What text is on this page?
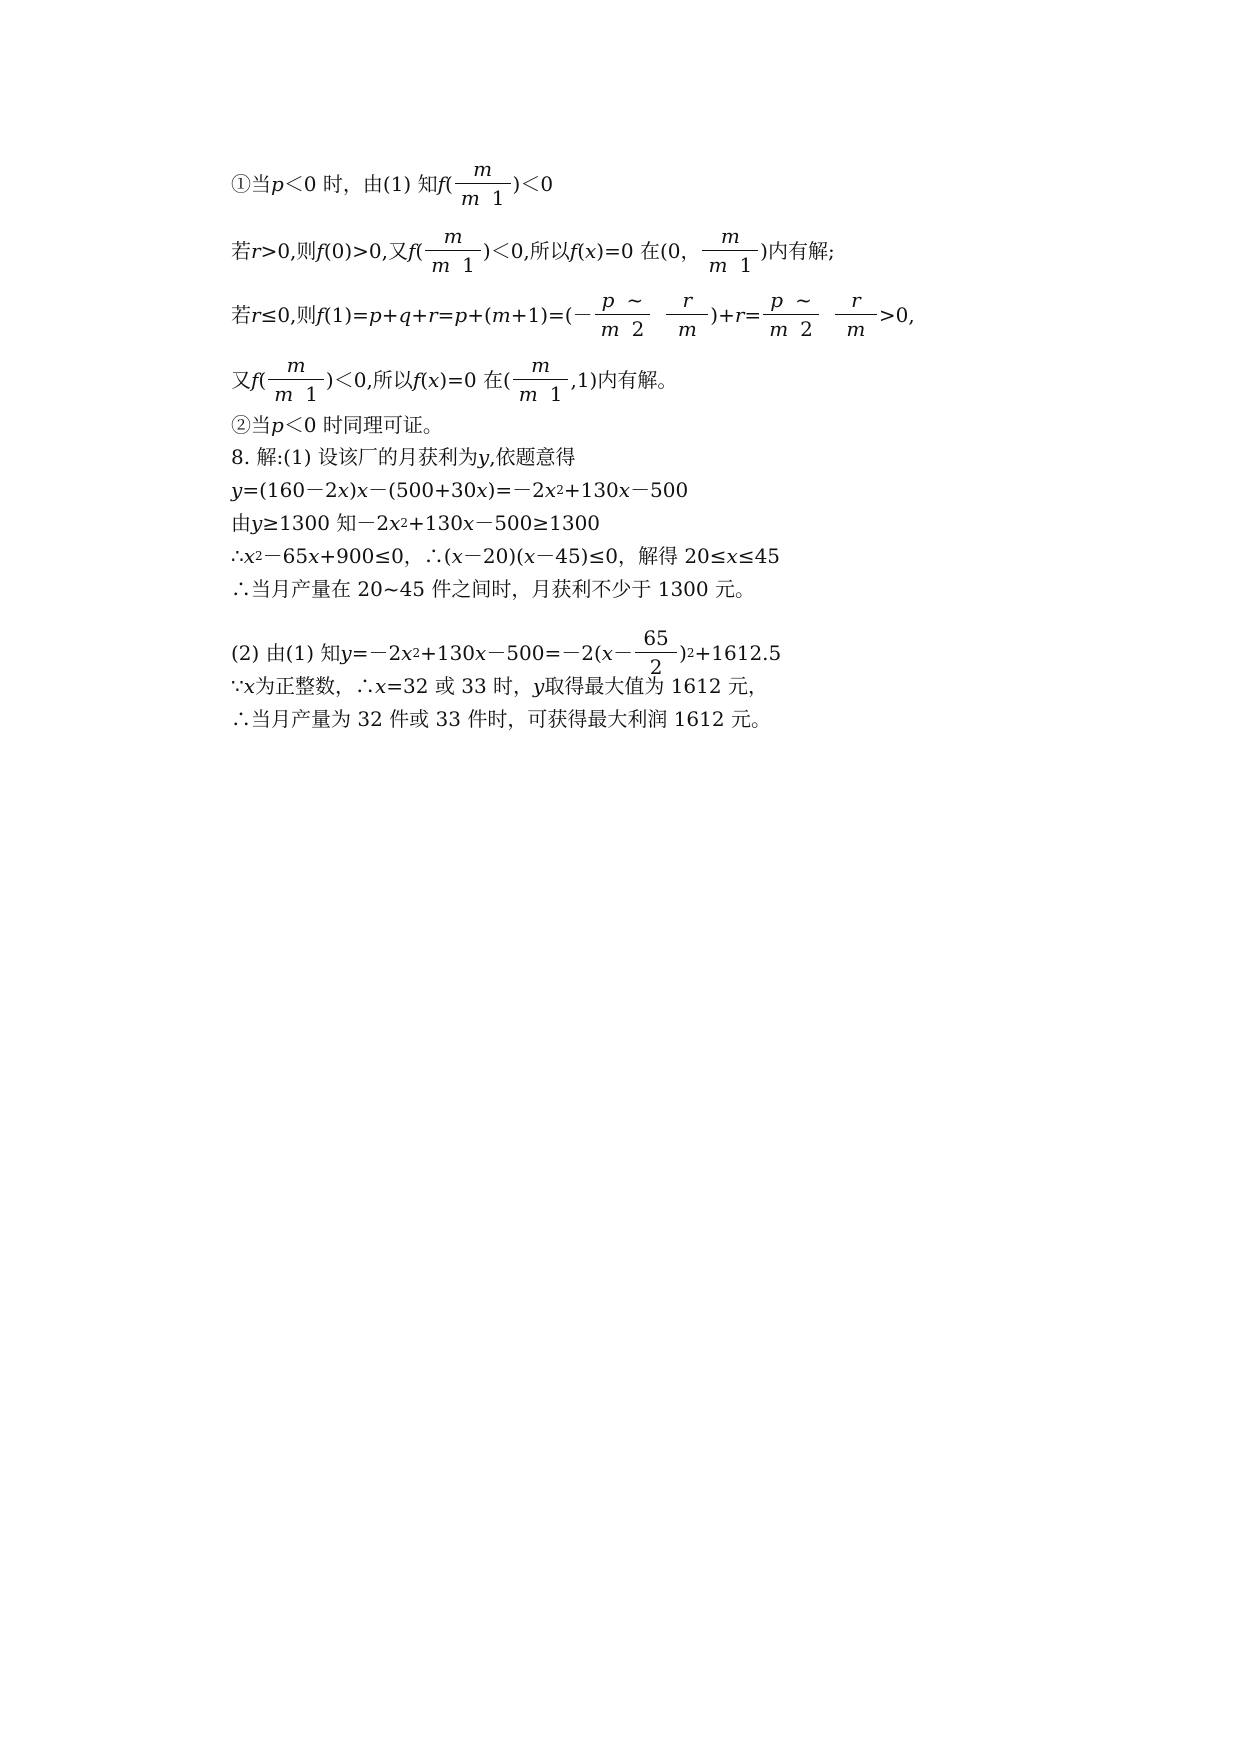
①当 p ＜0 时，由(1) 知 f ( $\frac{m}{m 1} )<0$
若 r >0,则 f (0)>0,又 f ( $\frac{m}{m 1} )<0$,所以 f ( x )=0 在(0， $\frac{m}{m 1}$ )内有解;
若 r ≤0,则 f (1)= p + q + r = p +( $m +1)=(- \frac{p \sim}{m 2} \frac{r}{m}$ )+ $r = \frac{p \sim}{m 2} \frac{r}{m} >0$,
又 f ( $\frac{m}{m 1} )<0$,所以 f ( x )=0 在( $\frac{m}{m 1} ,1$)内有解。
②当 p ＜0 时同理可证。
8. 解:(1) 设该厂的月获利为 y ,依题意得
y =(160－2 x ) x －(500+30 x )=－2 x 2 +130 x －500
由 y ≥1300 知－2 x 2 +130 x －500≥1300
∴ x 2 －65 x +900≤0，∴( x －20)( x －45)≤0，解得 20≤ x ≤45
∴当月产量在 20~45 件之间时，月获利不少于 1300 元。
(2) 由(1) 知 y =－2 x 2 +130 x －500=－2( $x - \frac{65}{2}$ ) 2 +1612.5
∵ x 为正整数，∴ x =32 或 33 时， y 取得最大值为 1612 元，
∴当月产量为 32 件或 33 件时，可获得最大利润 1612 元。
